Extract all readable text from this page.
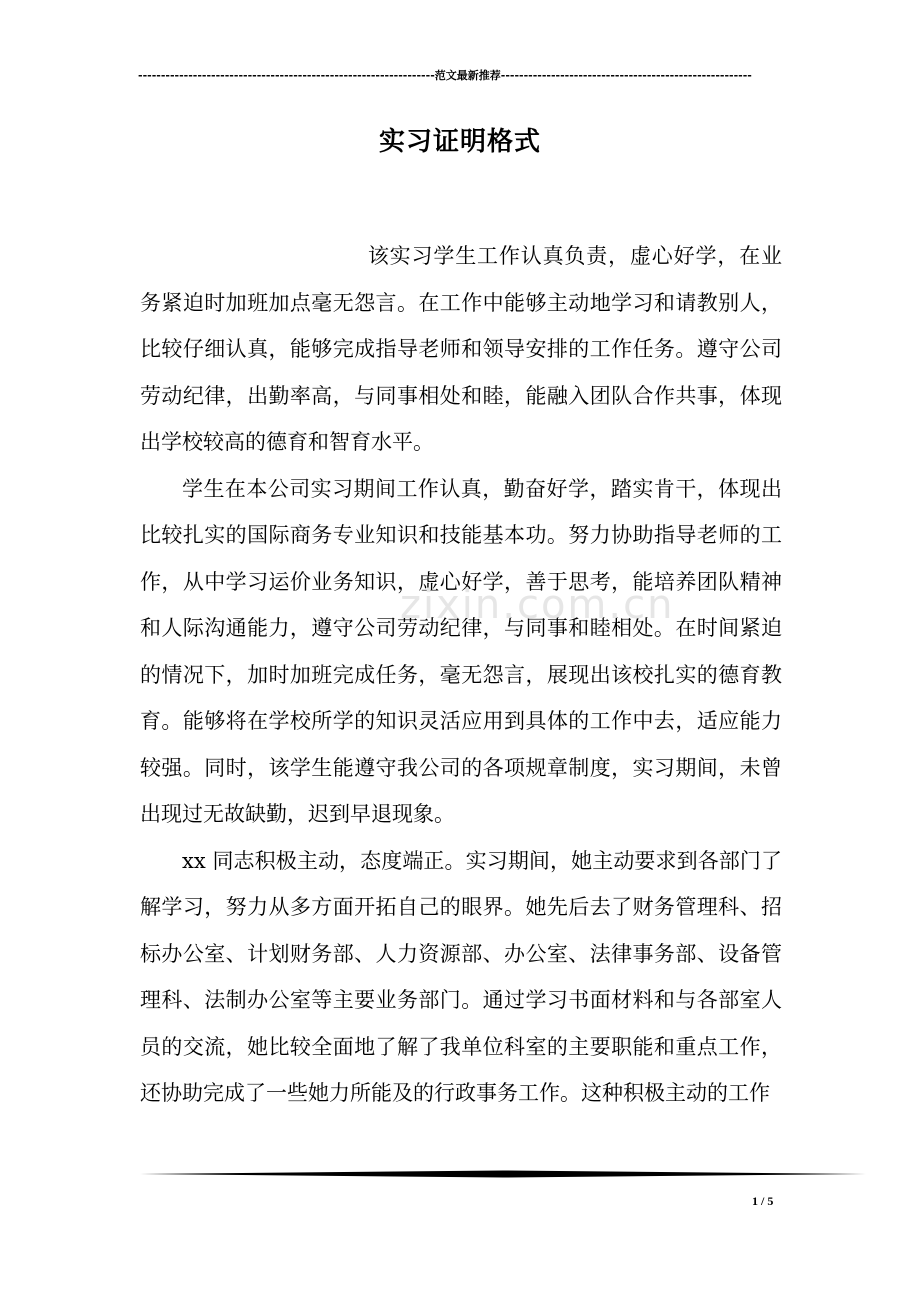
-----------------------------------------------------------------范文最新推荐-------------------------------------------------------
实习证明格式

该实习学生工作认真负责，虚心好学，在业务紧迫时加班加点毫无怨言。在工作中能够主动地学习和请教别人，比较仔细认真，能够完成指导老师和领导安排的工作任务。遵守公司劳动纪律，出勤率高，与同事相处和睦，能融入团队合作共事，体现出学校较高的德育和智育水平。

学生在本公司实习期间工作认真，勤奋好学，踏实肯干，体现出比较扎实的国际商务专业知识和技能基本功。努力协助指导老师的工作，从中学习运价业务知识，虚心好学，善于思考，能培养团队精神和人际沟通能力，遵守公司劳动纪律，与同事和睦相处。在时间紧迫的情况下，加时加班完成任务，毫无怨言，展现出该校扎实的德育教育。能够将在学校所学的知识灵活应用到具体的工作中去，适应能力较强。同时，该学生能遵守我公司的各项规章制度，实习期间，未曾出现过无故缺勤，迟到早退现象。

xx 同志积极主动，态度端正。实习期间，她主动要求到各部门了解学习，努力从多方面开拓自己的眼界。她先后去了财务管理科、招标办公室、计划财务部、人力资源部、办公室、法律事务部、设备管理科、法制办公室等主要业务部门。通过学习书面材料和与各部室人员的交流，她比较全面地了解了我单位科室的主要职能和重点工作，还协助完成了一些她力所能及的行政事务工作。这种积极主动的工作

zixin.com.cn
1 / 5
